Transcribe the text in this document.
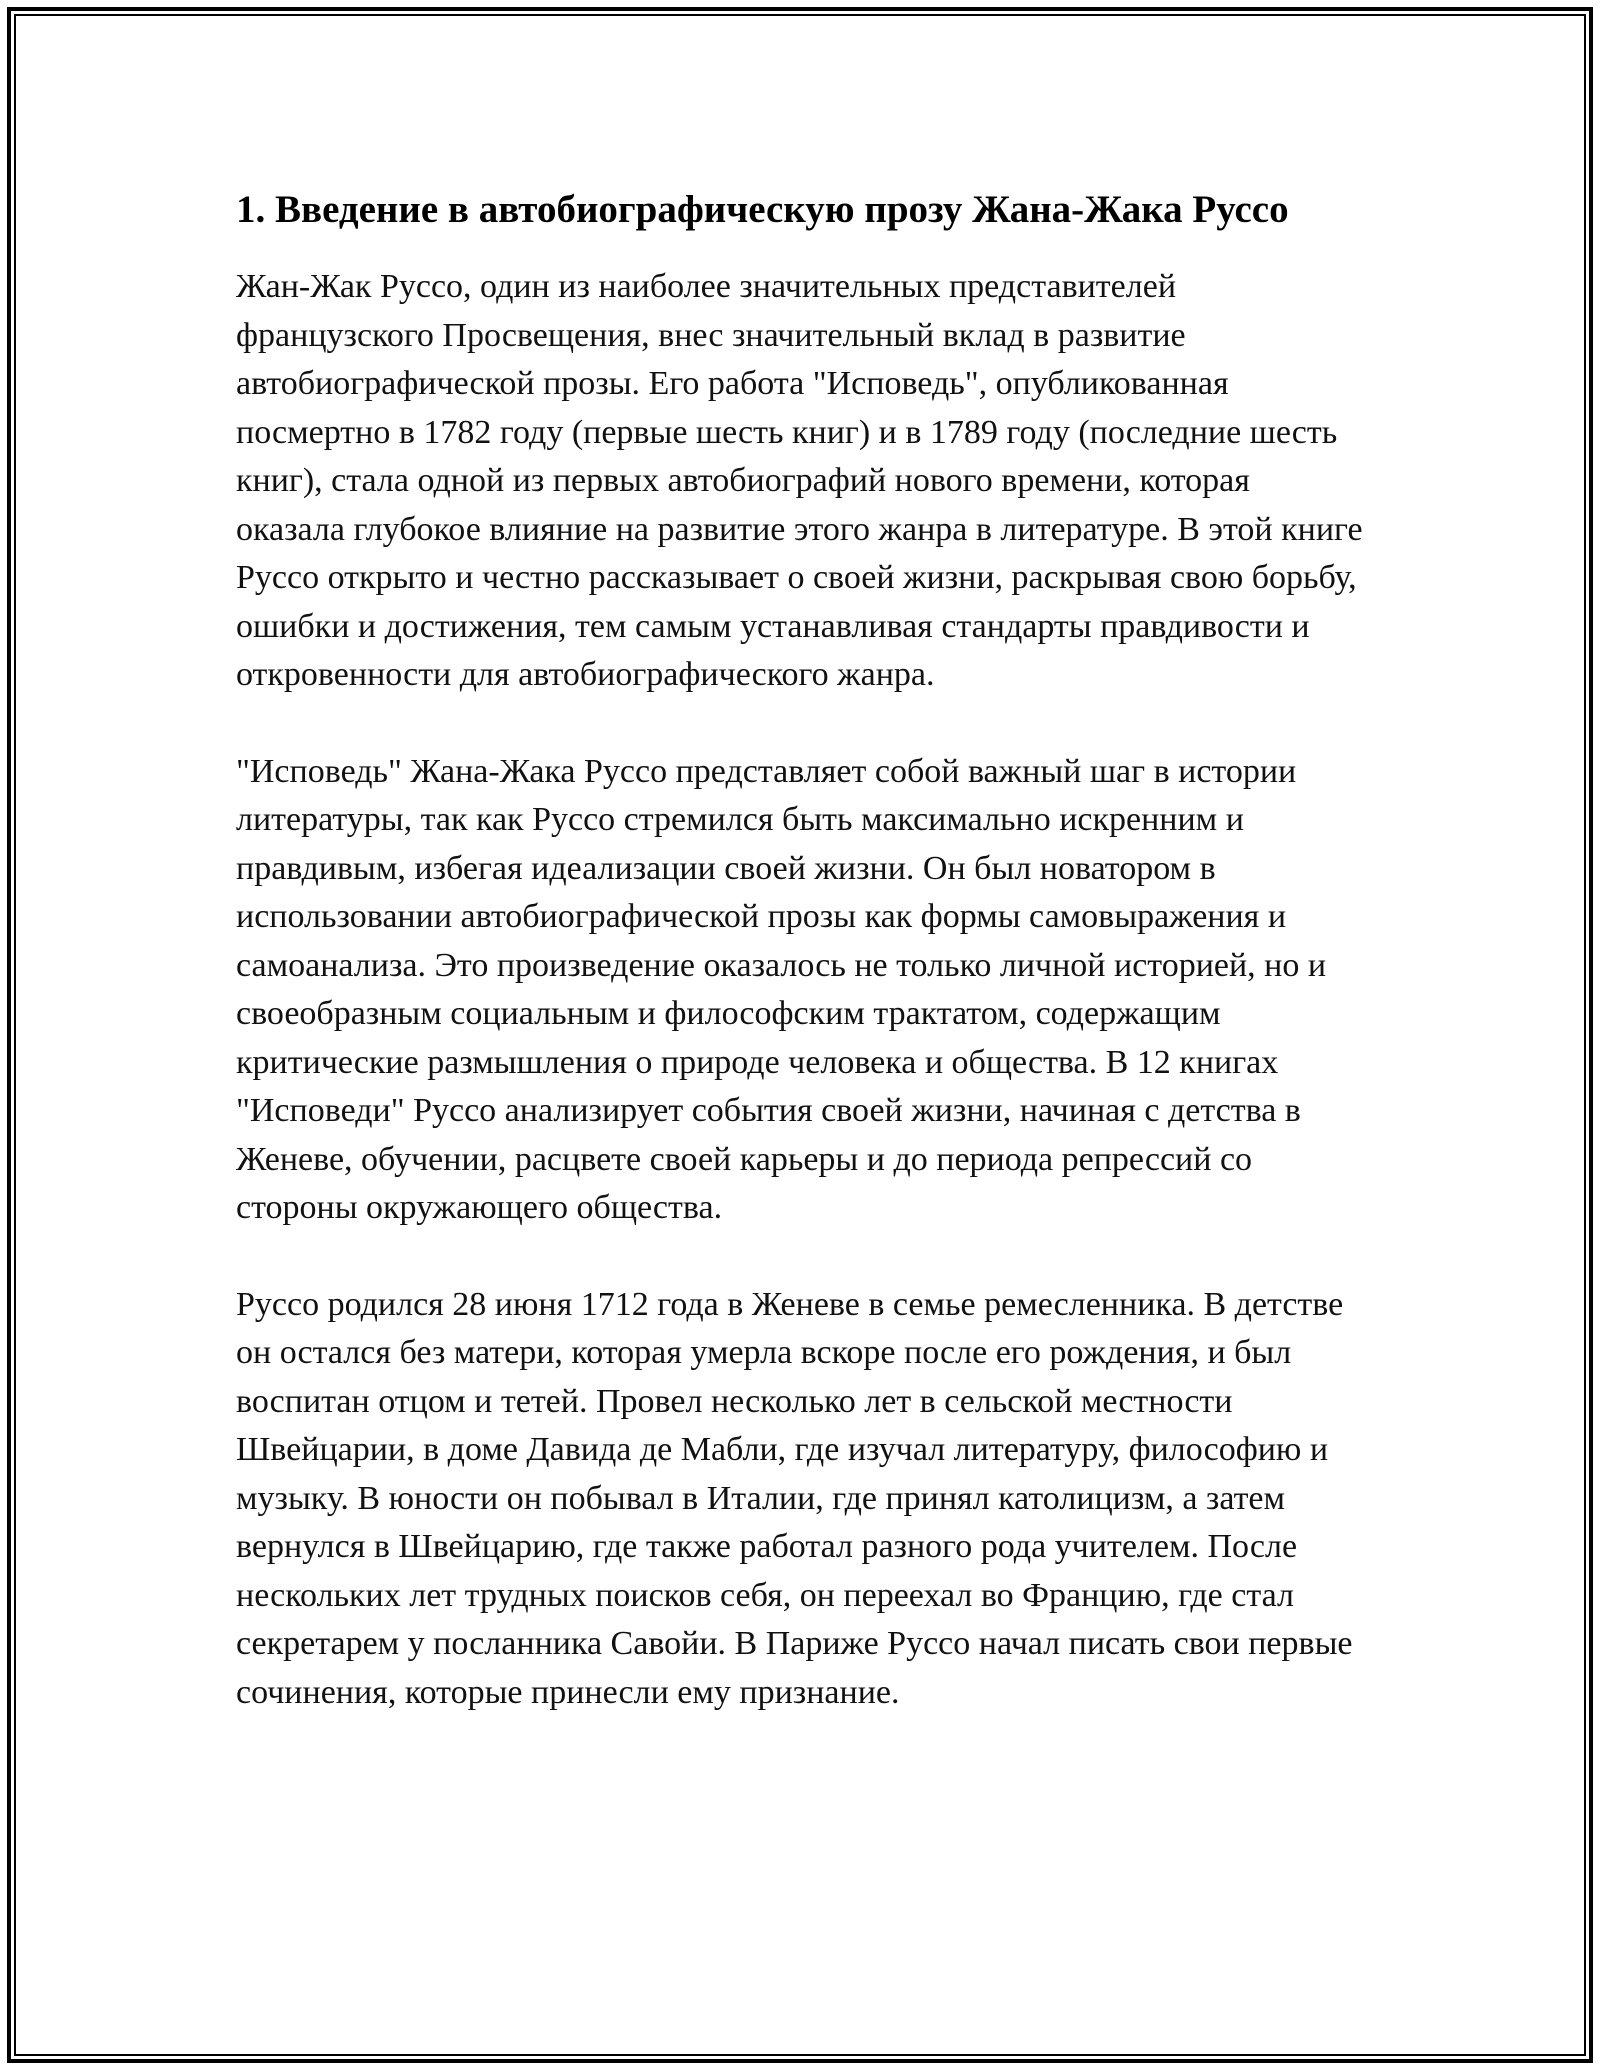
1. Введение в автобиографическую прозу Жана-Жака Руссо

Жан-Жак Руссо, один из наиболее значительных представителей французского Просвещения, внес значительный вклад в развитие автобиографической прозы. Его работа "Исповедь", опубликованная посмертно в 1782 году (первые шесть книг) и в 1789 году (последние шесть книг), стала одной из первых автобиографий нового времени, которая оказала глубокое влияние на развитие этого жанра в литературе. В этой книге Руссо открыто и честно рассказывает о своей жизни, раскрывая свою борьбу, ошибки и достижения, тем самым устанавливая стандарты правдивости и откровенности для автобиографического жанра.

"Исповедь" Жана-Жака Руссо представляет собой важный шаг в истории литературы, так как Руссо стремился быть максимально искренним и правдивым, избегая идеализации своей жизни. Он был новатором в использовании автобиографической прозы как формы самовыражения и самоанализа. Это произведение оказалось не только личной историей, но и своеобразным социальным и философским трактатом, содержащим критические размышления о природе человека и общества. В 12 книгах "Исповеди" Руссо анализирует события своей жизни, начиная с детства в Женеве, обучении, расцвете своей карьеры и до периода репрессий со стороны окружающего общества.

Руссо родился 28 июня 1712 года в Женеве в семье ремесленника. В детстве он остался без матери, которая умерла вскоре после его рождения, и был воспитан отцом и тетей. Провел несколько лет в сельской местности Швейцарии, в доме Давида де Мабли, где изучал литературу, философию и музыку. В юности он побывал в Италии, где принял католицизм, а затем вернулся в Швейцарию, где также работал разного рода учителем. После нескольких лет трудных поисков себя, он переехал во Францию, где стал секретарем у посланника Савойи. В Париже Руссо начал писать свои первые сочинения, которые принесли ему признание.
